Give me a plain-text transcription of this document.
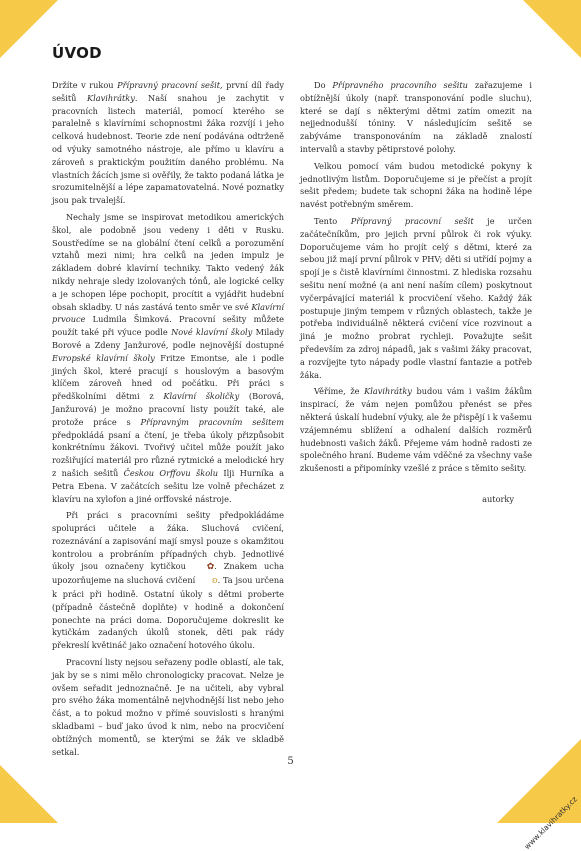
ÚVOD

Držíte v rukou Přípravný pracovní sešit, první díl řady sešitů Klavihrátky. Naší snahou je zachytit v pracovních listech materiál, pomocí kterého se paralelně s klavírními schopnostmi žáka rozvíjí i jeho celková hudebnost. Teorie zde není podávána odtrženě od výuky samotného nástroje, ale přímo u klavíru a zároveň s praktickým použitím daného problému. Na vlastních žácích jsme si ověřily, že takto podaná látka je srozumitelnější a lépe zapamatovatelná. Nové poznatky jsou pak trvalejší.

Nechaly jsme se inspirovat metodikou amerických škol, ale podobně jsou vedeny i děti v Rusku. Soustředíme se na globální čtení celků a porozumění vztahů mezi nimi; hra celků na jeden impulz je základem dobré klavírní techniky. Takto vedený žák nikdy nehraje sledy izolovaných tónů, ale logické celky a je schopen lépe pochopit, procítit a vyjádřit hudební obsah skladby. U nás zastává tento směr ve své Klavírní prvouce Ludmila Šimková. Pracovní sešity můžete použít také při výuce podle Nové klavírní školy Milady Borové a Zdeny Janžurové, podle nejnovější dostupné Evropské klavírní školy Fritze Emontse, ale i podle jiných škol, které pracují s houslovým a basovým klíčem zároveň hned od počátku. Při práci s předškolními dětmi z Klavírní školičky (Borová, Janžurová) je možno pracovní listy použít také, ale protože práce s Přípravným pracovním sešitem předpokládá psaní a čtení, je třeba úkoly přizpůsobit konkrétnímu žákovi. Tvořivý učitel může použít jako rozšiřující materiál pro různé rytmické a melodické hry z našich sešitů Českou Orffovu školu Ilji Hurníka a Petra Ebena. V začátcích sešitu lze volně přecházet z klavíru na xylofon a jiné orffovské nástroje.

Při práci s pracovními sešity předpokládáme spolupráci učitele a žáka. Sluchová cvičení, rozeznávání a zapisování mají smysl pouze s okamžitou kontrolou a probráním případných chyb. Jednotlivé úkoly jsou označeny kytičkou ✿. Znakem ucha upozorňujeme na sluchová cvičení ʚ. Ta jsou určena k práci při hodině. Ostatní úkoly s dětmi proberte (případně částečně doplňte) v hodině a dokončení ponechte na práci doma. Doporučujeme dokreslit ke kytičkám zadaných úkolů stonek, děti pak rády překreslí květináč jako označení hotového úkolu.

Pracovní listy nejsou seřazeny podle oblastí, ale tak, jak by se s nimi mělo chronologicky pracovat. Nelze je ovšem seřadit jednoznačně. Je na učiteli, aby vybral pro svého žáka momentálně nejvhodnější list nebo jeho část, a to pokud možno v přímé souvislosti s hranými skladbami – buď jako úvod k nim, nebo na procvičení obtížných momentů, se kterými se žák ve skladbě setkal.

Do Přípravného pracovního sešitu zařazujeme i obtížnější úkoly (např. transponování podle sluchu), které se dají s některými dětmi zatím omezit na nejjednodušší tóniny. V následujícím sešitě se zabýváme transponováním na základě znalostí intervalů a stavby pětiprstové polohy.

Velkou pomocí vám budou metodické pokyny k jednotlivým listům. Doporučujeme si je přečíst a projít sešit předem; budete tak schopni žáka na hodině lépe navést potřebným směrem.

Tento Přípravný pracovní sešit je určen začátečníkům, pro jejich první půlrok či rok výuky. Doporučujeme vám ho projít celý s dětmi, které za sebou již mají první půlrok v PHV; děti si utřídí pojmy a spojí je s čistě klavírními činnostmi. Z hlediska rozsahu sešitu není možné (a ani není naším cílem) poskytnout vyčerpávající materiál k procvičení všeho. Každý žák postupuje jiným tempem v různých oblastech, takže je potřeba individuálně některá cvičení více rozvinout a jiná je možno probrat rychleji. Považujte sešit především za zdroj nápadů, jak s vašimi žáky pracovat, a rozvíjejte tyto nápady podle vlastní fantazie a potřeb žáka.

Věříme, že Klavihrátky budou vám i vašim žákům inspirací, že vám nejen pomůžou přenést se přes některá úskalí hudební výuky, ale že přispějí i k vašemu vzájemnému sblížení a odhalení dalších rozměrů hudebnosti vašich žáků. Přejeme vám hodně radosti ze společného hraní. Budeme vám vděčné za všechny vaše zkušenosti a připomínky vzešlé z práce s těmito sešity.

autorky

5
www.klavihratky.cz
